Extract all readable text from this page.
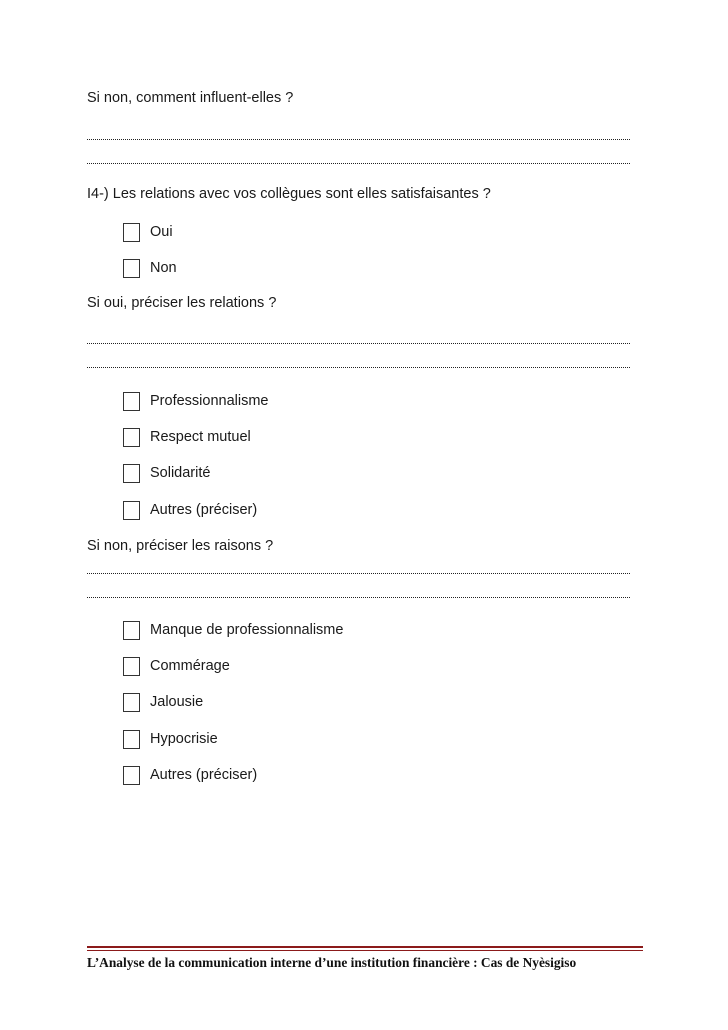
Si non, comment influent-elles ?
I4-) Les relations avec vos collègues sont elles satisfaisantes ?
Oui
Non
Si oui, préciser les relations ?
Professionnalisme
Respect mutuel
Solidarité
Autres (préciser)
Si non, préciser les raisons ?
Manque de professionnalisme
Commérage
Jalousie
Hypocrisie
Autres (préciser)
L’Analyse de la communication interne d’une institution financière : Cas de Nyèsigiso
